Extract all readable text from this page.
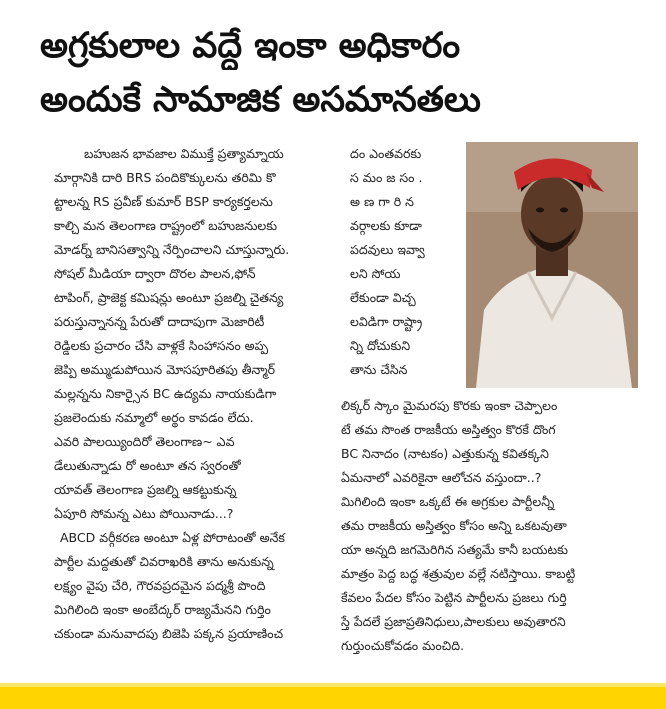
అగ్రకులాల వద్దే ఇంకా అధికారం
అందుకే సామాజిక అసమానతలు
బహుజన భావజాల విముక్తే ప్రత్యామ్నాయ
మార్గానికి దారి BRS పందికొక్కులను తరిమి కొ
ట్టాలన్న RS ప్రవీణ్ కుమార్ BSP కార్యకర్తలను
కాల్చి మన తెలంగాణ రాష్ట్రంలో బహుజనులకు
మోడర్న్ బానిసత్వాన్ని నేర్పించాలని చూస్తున్నారు.
సోషల్ మీడియా ద్వారా దొరల పాలన,ఫోన్
టాపింగ్, ప్రాజెక్ట కమిషన్లు అంటూ ప్రజల్ని చైతన్య
పరుస్తున్నానన్న పేరుతో దాదాపుగా మెజారిటీ
రెడ్డిలకు ప్రచారం చేసి వాళ్లకే సింహాసనం అప్ప
జెప్పి అమ్ముడుపోయిన మోసపూరితపు తీన్మార్
మల్లన్నను నికార్సైన BC ఉద్యమ నాయకుడిగా
ప్రజలెందుకు నమ్మాలో అర్థం కావడం లేదు.
ఎవరి పాలయ్యిందిరో తెలంగాణ~ ఎవ
డేలుతున్నాడు రో అంటూ తన స్వరంతో
యావత్ తెలంగాణ ప్రజల్ని ఆకట్టుకున్న
ఏపూరి సోమన్న ఎటు పోయినాడు...?
ABCD వర్గీకరణ అంటూ ఏళ్ల పోరాటంతో అనేక
పార్టీల మద్దతుతో చివరాఖరికి తాను అనుకున్న
లక్ష్యం వైపు చేరి, గౌరవప్రదమైన పద్మశ్రీ పొంది
మిగిలింది ఇంకా అంబేద్కర్ రాజ్యమేనని గుర్తిం
చకుండా మనువాదపు బిజెపి పక్కన ప్రయాణించ
దం ఎంతవరకు
స మం జ సం .
అ ణ గా రి న
వర్గాలకు కూడా
పదవులు ఇవ్వా
లని సోయ
లేకుండా విచ్చ
లవిడిగా రాష్ట్రా
న్ని దోచుకుని
తాను చేసిన
లిక్కర్ స్కాం మైమరపు కొరకు ఇంకా చెప్పాలం
టే తమ సొంత రాజకీయ అస్తిత్వం కొరకే దొంగ
BC నినాదం (నాటకం) ఎత్తుకున్న కవితక్కని
ఏమనాలో ఎవరికైనా ఆలోచన వస్తుందా..?
మిగిలింది ఇంకా ఒక్కటే ఈ అగ్రకుల పార్టీలన్నీ
తమ రాజకీయ అస్తిత్వం కోసం అన్ని ఒకటవుతా
యా అన్నది జగమెరిగిన సత్యమే కానీ బయటకు
మాత్రం పెద్ద బద్ధ శత్రువుల వల్లే నటిస్తాయి. కాబట్టి
కేవలం పేదల కోసం పెట్టిన పార్టీలను ప్రజలు గుర్తి
స్తే పేదలే ప్రజాప్రతినిధులు,పాలకులు అవుతారని
గుర్తుంచుకోవడం మంచిది.
